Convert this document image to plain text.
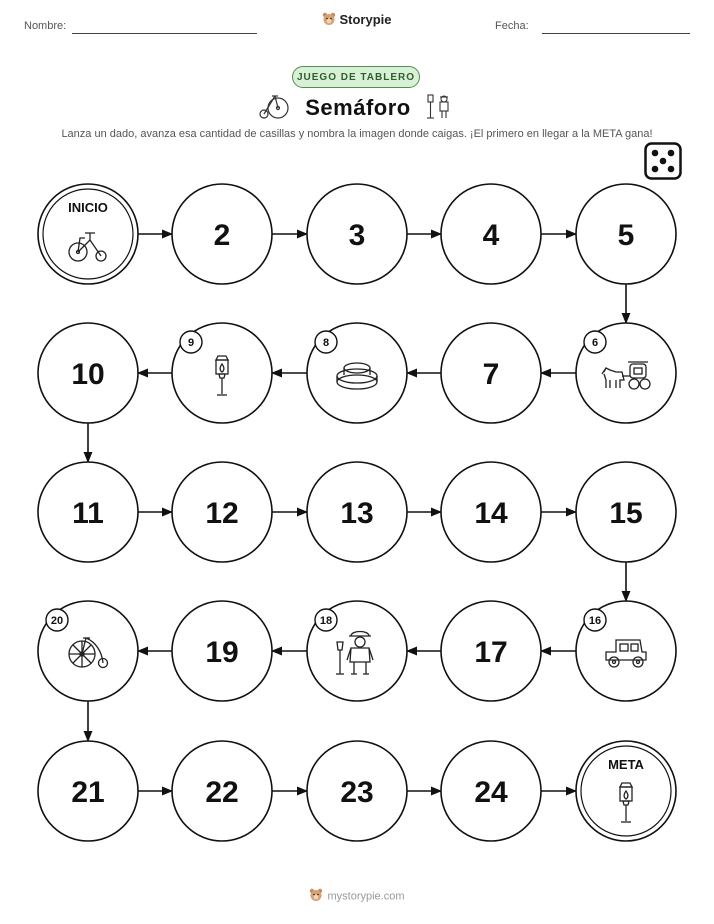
Nombre:	Storypie	Fecha:
JUEGO DE TABLERO
Semáforo
Lanza un dado, avanza esa cantidad de casillas y nombra la imagen donde caigas. ¡El primero en llegar a la META gana!
INICIO
2	3	4	5
6
7
8
9
10
11	12	13	14	15
16
17
18
19
20
21	22	23	24
META
mystorypie.com
